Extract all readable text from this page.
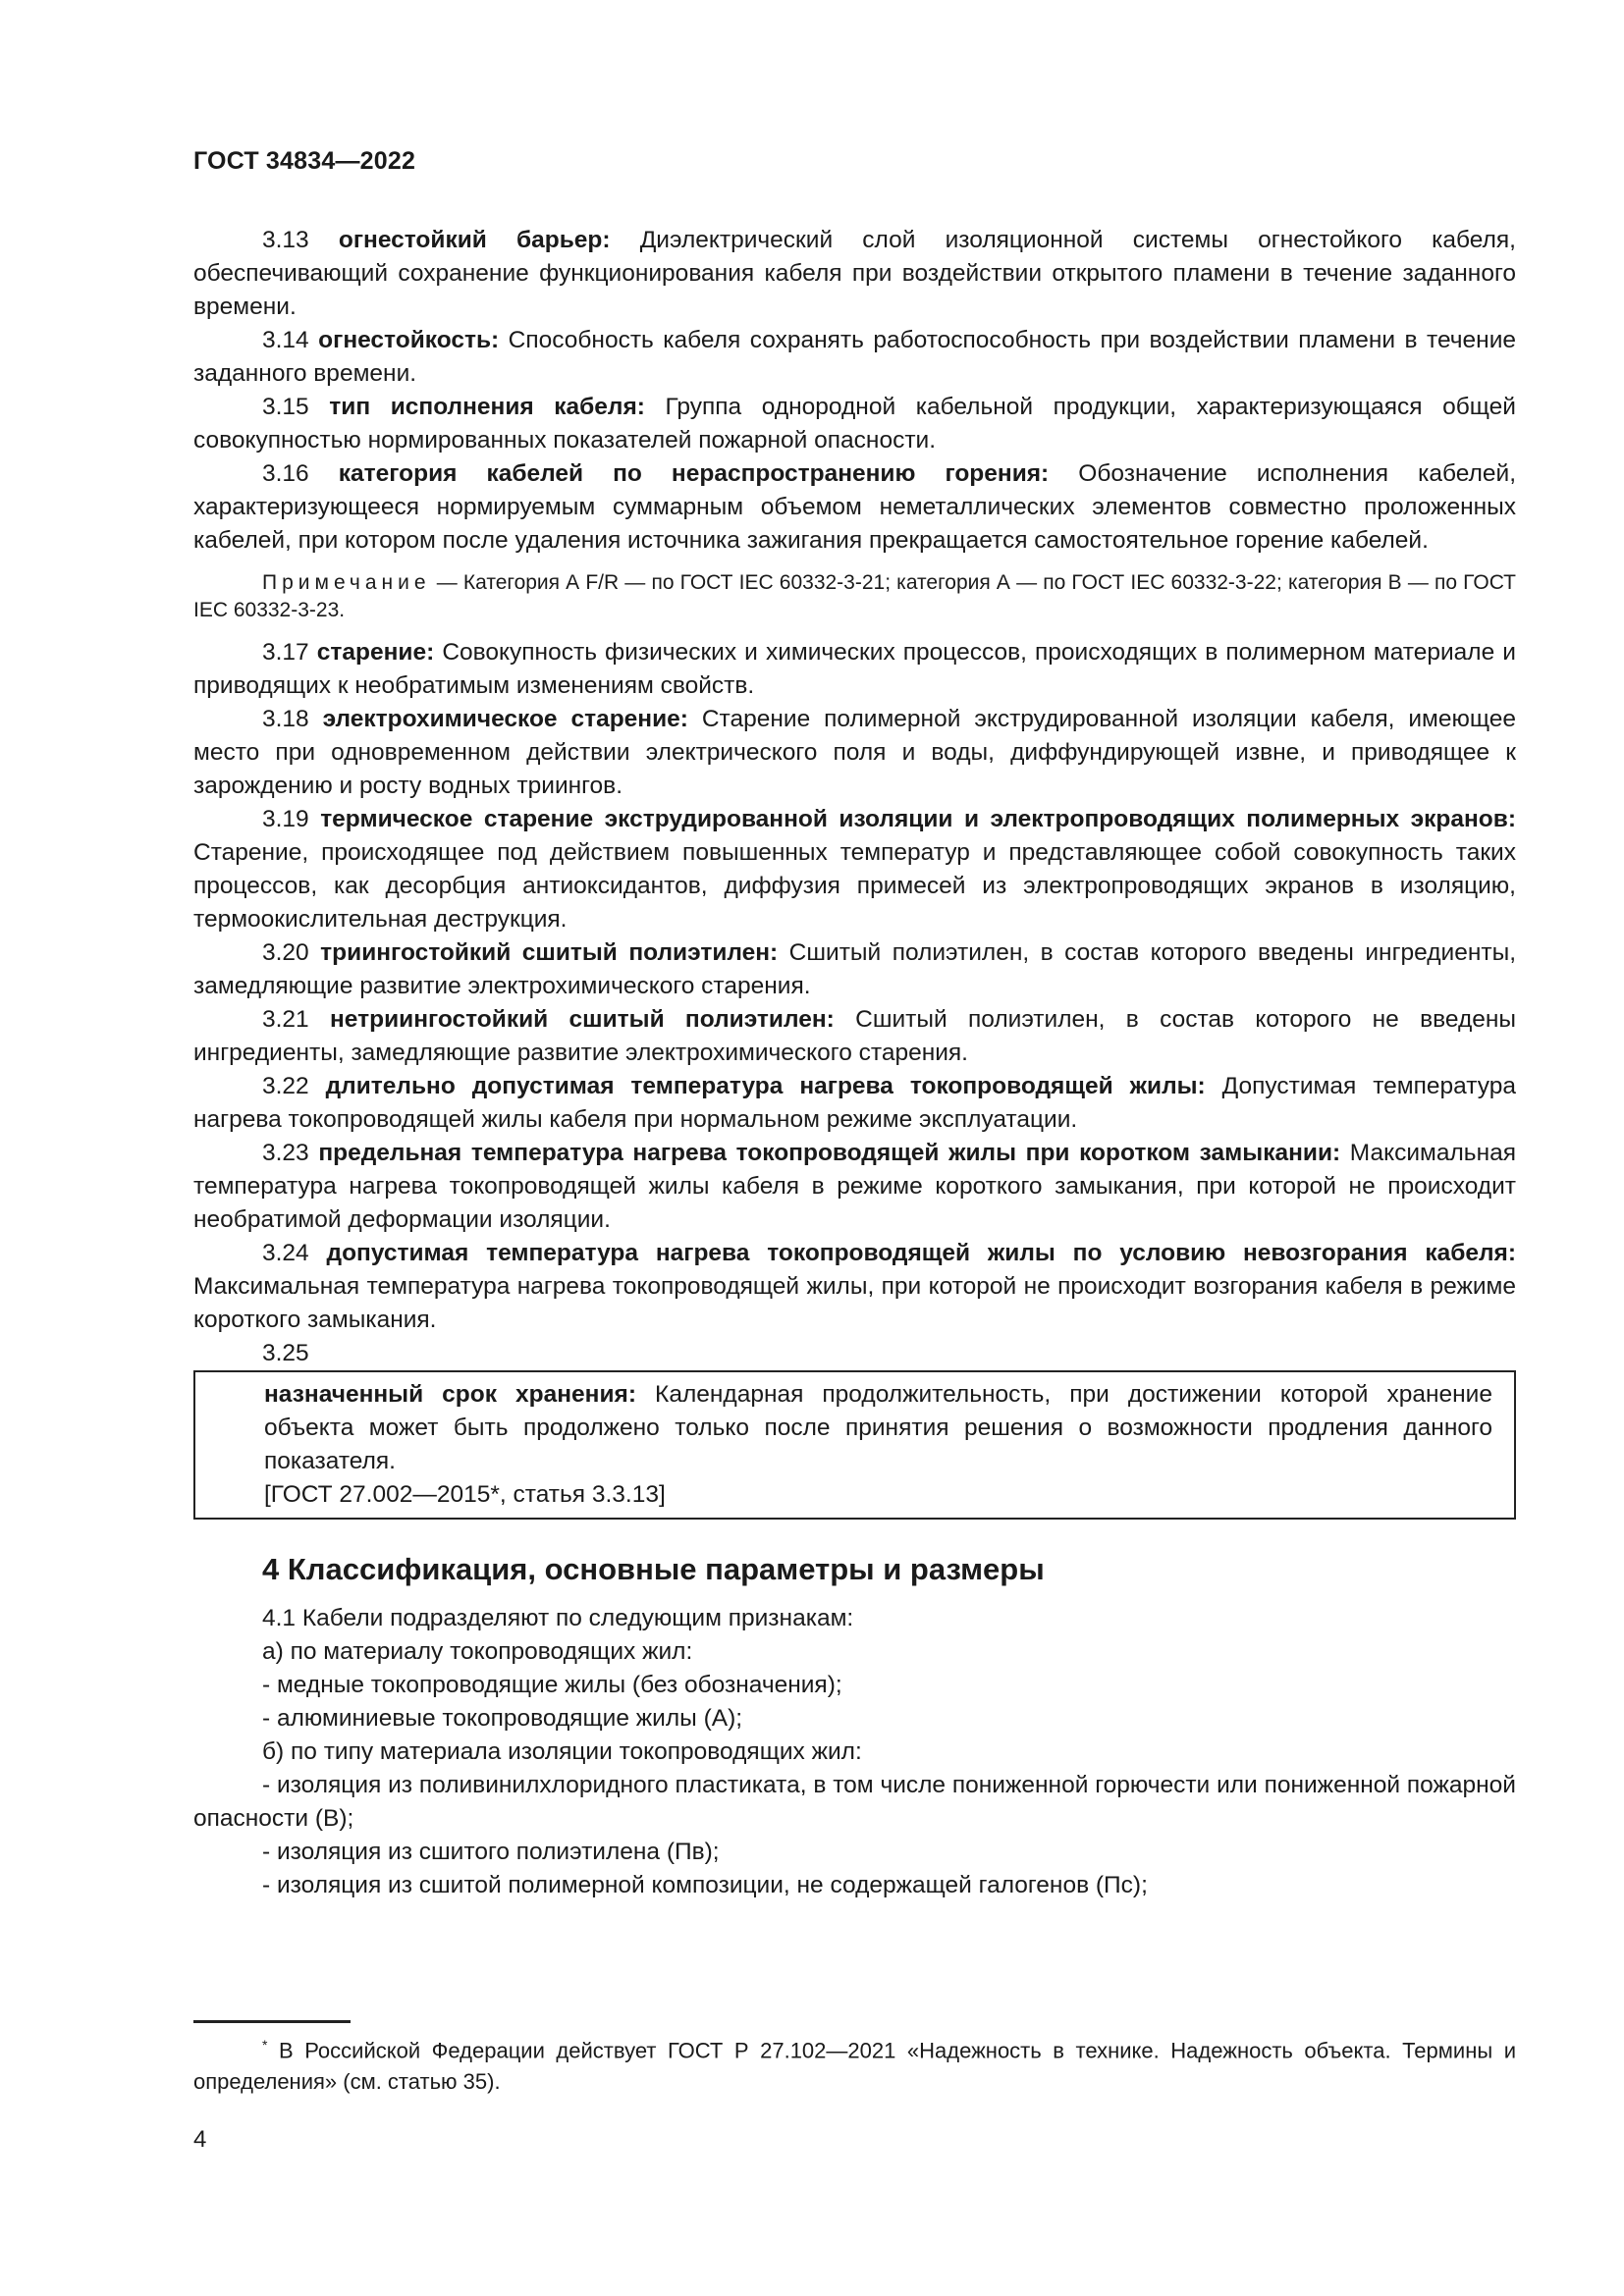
ГОСТ 34834—2022

3.13 огнестойкий барьер: Диэлектрический слой изоляционной системы огнестойкого кабеля, обеспечивающий сохранение функционирования кабеля при воздействии открытого пламени в течение заданного времени.

3.14 огнестойкость: Способность кабеля сохранять работоспособность при воздействии пламени в течение заданного времени.

3.15 тип исполнения кабеля: Группа однородной кабельной продукции, характеризующаяся общей совокупностью нормированных показателей пожарной опасности.

3.16 категория кабелей по нераспространению горения: Обозначение исполнения кабелей, характеризующееся нормируемым суммарным объемом неметаллических элементов совместно проложенных кабелей, при котором после удаления источника зажигания прекращается самостоятельное горение кабелей.

Примечание — Категория А F/R — по ГОСТ IEC 60332-3-21; категория А — по ГОСТ IEC 60332-3-22; категория В — по ГОСТ IEC 60332-3-23.

3.17 старение: Совокупность физических и химических процессов, происходящих в полимерном материале и приводящих к необратимым изменениям свойств.

3.18 электрохимическое старение: Старение полимерной экструдированной изоляции кабеля, имеющее место при одновременном действии электрического поля и воды, диффундирующей извне, и приводящее к зарождению и росту водных триингов.

3.19 термическое старение экструдированной изоляции и электропроводящих полимерных экранов: Старение, происходящее под действием повышенных температур и представляющее собой совокупность таких процессов, как десорбция антиоксидантов, диффузия примесей из электропроводящих экранов в изоляцию, термоокислительная деструкция.

3.20 триингостойкий сшитый полиэтилен: Сшитый полиэтилен, в состав которого введены ингредиенты, замедляющие развитие электрохимического старения.

3.21 нетриингостойкий сшитый полиэтилен: Сшитый полиэтилен, в состав которого не введены ингредиенты, замедляющие развитие электрохимического старения.

3.22 длительно допустимая температура нагрева токопроводящей жилы: Допустимая температура нагрева токопроводящей жилы кабеля при нормальном режиме эксплуатации.

3.23 предельная температура нагрева токопроводящей жилы при коротком замыкании: Максимальная температура нагрева токопроводящей жилы кабеля в режиме короткого замыкания, при которой не происходит необратимой деформации изоляции.

3.24 допустимая температура нагрева токопроводящей жилы по условию невозгорания кабеля: Максимальная температура нагрева токопроводящей жилы, при которой не происходит возгорания кабеля в режиме короткого замыкания.

3.25

назначенный срок хранения: Календарная продолжительность, при достижении которой хранение объекта может быть продолжено только после принятия решения о возможности продления данного показателя.

[ГОСТ 27.002—2015*, статья 3.3.13]

4 Классификация, основные параметры и размеры

4.1 Кабели подразделяют по следующим признакам:

а) по материалу токопроводящих жил:

- медные токопроводящие жилы (без обозначения);

- алюминиевые токопроводящие жилы (А);

б) по типу материала изоляции токопроводящих жил:

- изоляция из поливинилхлоридного пластиката, в том числе пониженной горючести или пониженной пожарной опасности (В);

- изоляция из сшитого полиэтилена (Пв);

- изоляция из сшитой полимерной композиции, не содержащей галогенов (Пс);

* В Российской Федерации действует ГОСТ Р 27.102—2021 «Надежность в технике. Надежность объекта. Термины и определения» (см. статью 35).
4
